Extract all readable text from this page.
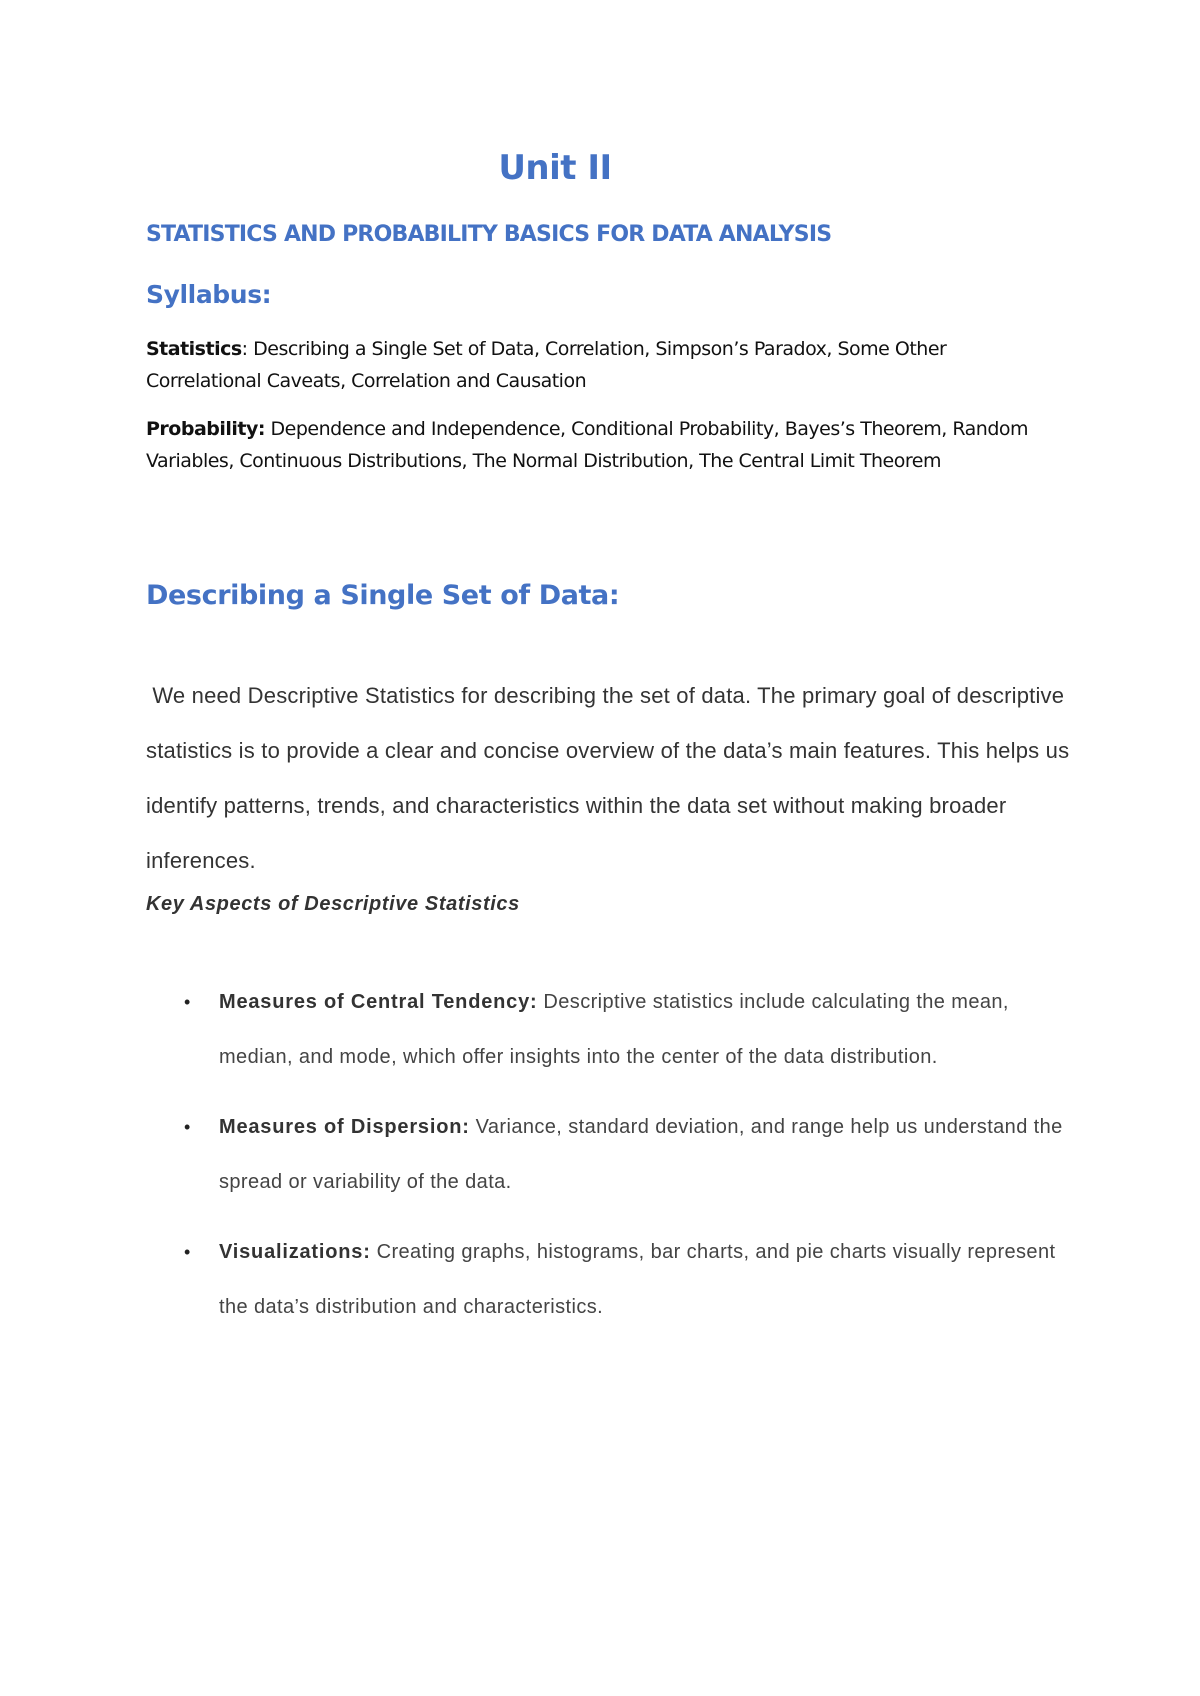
Unit II
STATISTICS AND PROBABILITY BASICS FOR DATA ANALYSIS
Syllabus:
Statistics: Describing a Single Set of Data, Correlation, Simpson’s Paradox, Some Other Correlational Caveats, Correlation and Causation
Probability: Dependence and Independence, Conditional Probability, Bayes’s Theorem, Random Variables, Continuous Distributions, The Normal Distribution, The Central Limit Theorem
Describing a Single Set of Data:
We need Descriptive Statistics for describing the set of data. The primary goal of descriptive statistics is to provide a clear and concise overview of the data’s main features. This helps us identify patterns, trends, and characteristics within the data set without making broader inferences.
Key Aspects of Descriptive Statistics
• Measures of Central Tendency: Descriptive statistics include calculating the mean, median, and mode, which offer insights into the center of the data distribution.
• Measures of Dispersion: Variance, standard deviation, and range help us understand the spread or variability of the data.
• Visualizations: Creating graphs, histograms, bar charts, and pie charts visually represent the data’s distribution and characteristics.
